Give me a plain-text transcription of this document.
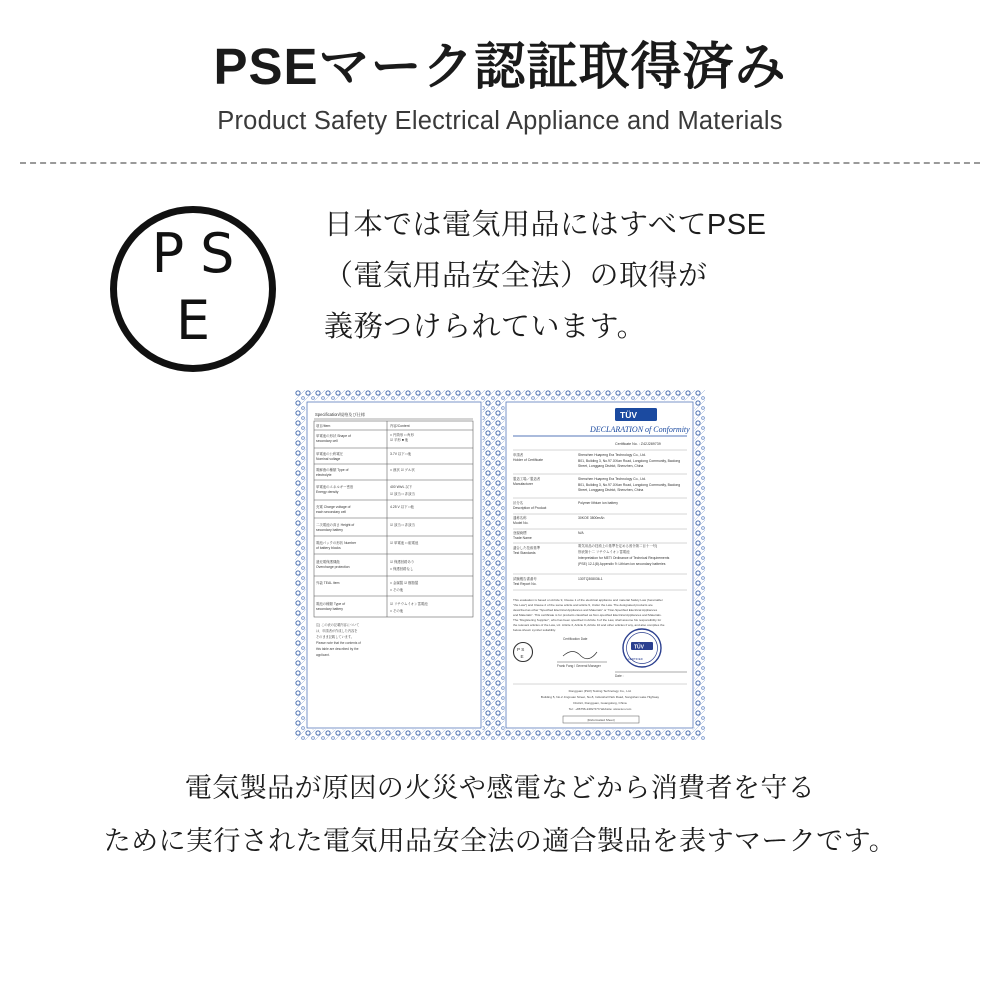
PSEマーク認証取得済み
Product Safety Electrical Appliance and Materials
P S
E
日本では電気用品にはすべてPSE
（電気用品安全法）の取得が
義務つけられています。
Specification/規格及び仕様
項目/Item	内容/Content
単電池の形状 Shape of
secondary cell
□ 円筒形 □ 角形
☑ 平形 ■ 他
単電池の公称電圧
Nominal voltage
3.7V 以下 □他
電解液の種類 Type of
electrolyte
□ 液状 ☑ ゲル状
単電池のエネルギー密度
Energy density
400 Wh/L 以下
☑ 該当 □ 非該当
充電 Charge voltage of
each secondary cell
4.25 V 以下 □他
二次電池の高さ Height of
secondary battery
☑ 該当 □ 非該当
電池パックの形状 Number
of battery blocks
☑ 単電池 □ 組電池
過充電保護機能
Overcharge protection
☑ 保護回路あり
□ 保護回路なし
外装 TEAL item	□ 金属製 ☑ 樹脂製
□ その他
電池の種類 Type of
secondary battery
☑ リチウムイオン蓄電池
□ その他
注) この表の記載内容について
は、申請者が作成した内容を
そのまま記載しています。
Please note that the contents of
this table are described by the
applicant.
TÜV
DECLARATION of Conformity
Certificate No. : Z42J289739
申請者
Holder of Certificate
Shenzhen Huapeng Era Technology Co., Ltd.
B01, Building 3, No.97 JiXian Road, Longdong Community, Baolong
Street, Longgang District, Shenzhen, China
製造工場／製造者
Manufacturer
Shenzhen Huapeng Era Technology Co., Ltd.
B01, Building 3, No.97 JiXian Road, Longdong Community, Baolong
Street, Longgang District, Shenzhen, China
区分名
Description of Product
Polymer lithium ion battery
通称名称
Model No.
30KOE 3800mAh
登録商標
Trade Name
N/A
適合した技術基準
Test Standards
電気用品の技術上の基準を定める省令第二百十一号)
別表第十二 リチウムイオン蓄電池
Interpretation for METI Ordinance of Technical Requirements
(PSE) 12-1(8) Appendix 9: Lithium ion secondary batteries
試験報告書番号
Test Report No.
130TQ308036-1
This evaluation is based on Article 9, Clause 1 of the electrical appliance and material Safety Law (hereinafter
"the Law") and Clause 2 of the same article and article 9, Under the Law. The designated products are
described as other "Specified Electrical Appliances and Materials" or "Non-Specified Electrical Appliances
and Materials". This certificate is for products classified as Non-specified Electrical Appliances and Materials.
The "Registering Supplier", who has been specified in Article 3 of the Law, shall assume his responsibility for
the relevant articles of the Law, viz. Article 3, Article 8, Article 10 and other articles if any, and also complies the
below-shown symbol suitability.
P S
E
TÜV
CERTIFIED
Certification Date
Frank Fang / General Manager
Date :
Dongguan (PLR) Testing Technology Co., Ltd.
Building 5, No.2 Jingxuan Street, No.8, Industrial Park Road, Songshan Lake Highway
District, Dongguan, Guangdong, China
Tel : +86756-2482 573 Website: www.tuv.com
[Reformatted Sheet]
電気製品が原因の火災や感電などから消費者を守る
ために実行された電気用品安全法の適合製品を表すマークです。
